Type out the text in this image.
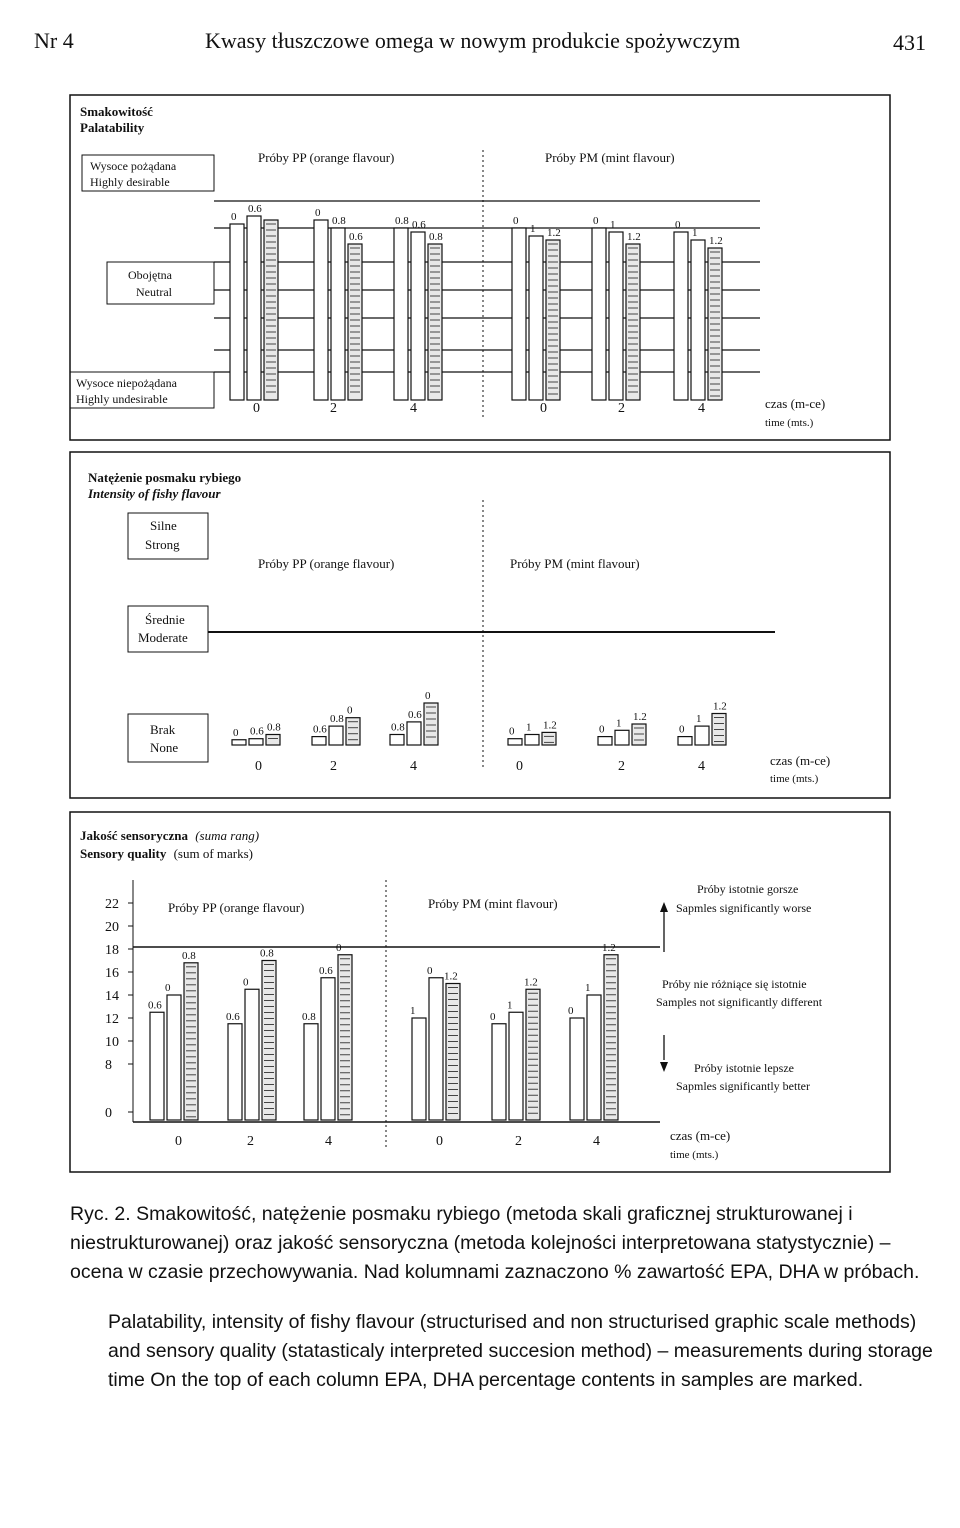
Nr 4	Kwasy tłuszczowe omega w nowym produkcie spożywczym	431
Smakowitość
Palatability
Wysoce pożądana
Highly desirable
Obojętna
Neutral
Wysoce niepożądana
Highly undesirable
Próby PP (orange flavour)	Próby PM (mint flavour)
0
0.6	0
0.8
0.6
0.8 0.6
0.8
0
1 1.2
0 1
1.2
0
1
1.2
0	2	4	0	2	4	czas (m-ce)
time (mts.)
Natężenie posmaku rybiego
Intensity of fishy flavour
Silne
Strong
Średnie
Moderate
Brak
None
Próby PP (orange flavour)	Próby PM (mint flavour)
0 0.6 0.8	0.6
0.8
0
0.8
0.6
0
0 1 1.2	0
1
1.2
0
1
1.2
0	2	4	0	2	4	czas (m-ce)
time (mts.)
Jakość sensoryczna (suma rang)
Sensory quality (sum of marks)
22
20
18
16
14
12
10
8
0
Próby PP (orange flavour)	Próby PM (mint flavour)
0.6
0
0.8
0.6
0
0.8
0.8
0.6
0
1
0 1.2
0
1
1.2
0
1
1.2
0	2	4	0	2	4
Próby istotnie gorsze
Sapmles significantly worse
Próby nie różniące się istotnie
Samples not significantly different
Próby istotnie lepsze
Sapmles significantly better
czas (m-ce)
time (mts.)
Ryc. 2. Smakowitość, natężenie posmaku rybiego (metoda skali graficznej strukturowanej i niestrukturowanej) oraz jakość sensoryczna (metoda kolejności interpretowana statystycznie) – ocena w czasie przechowywania. Nad kolumnami zaznaczono % zawartość EPA, DHA w próbach.
Palatability, intensity of fishy flavour (structurised and non structurised graphic scale methods) and sensory quality (statasticaly interpreted succesion method) – measurements during storage time On the top of each column EPA, DHA percentage contents in samples are marked.
